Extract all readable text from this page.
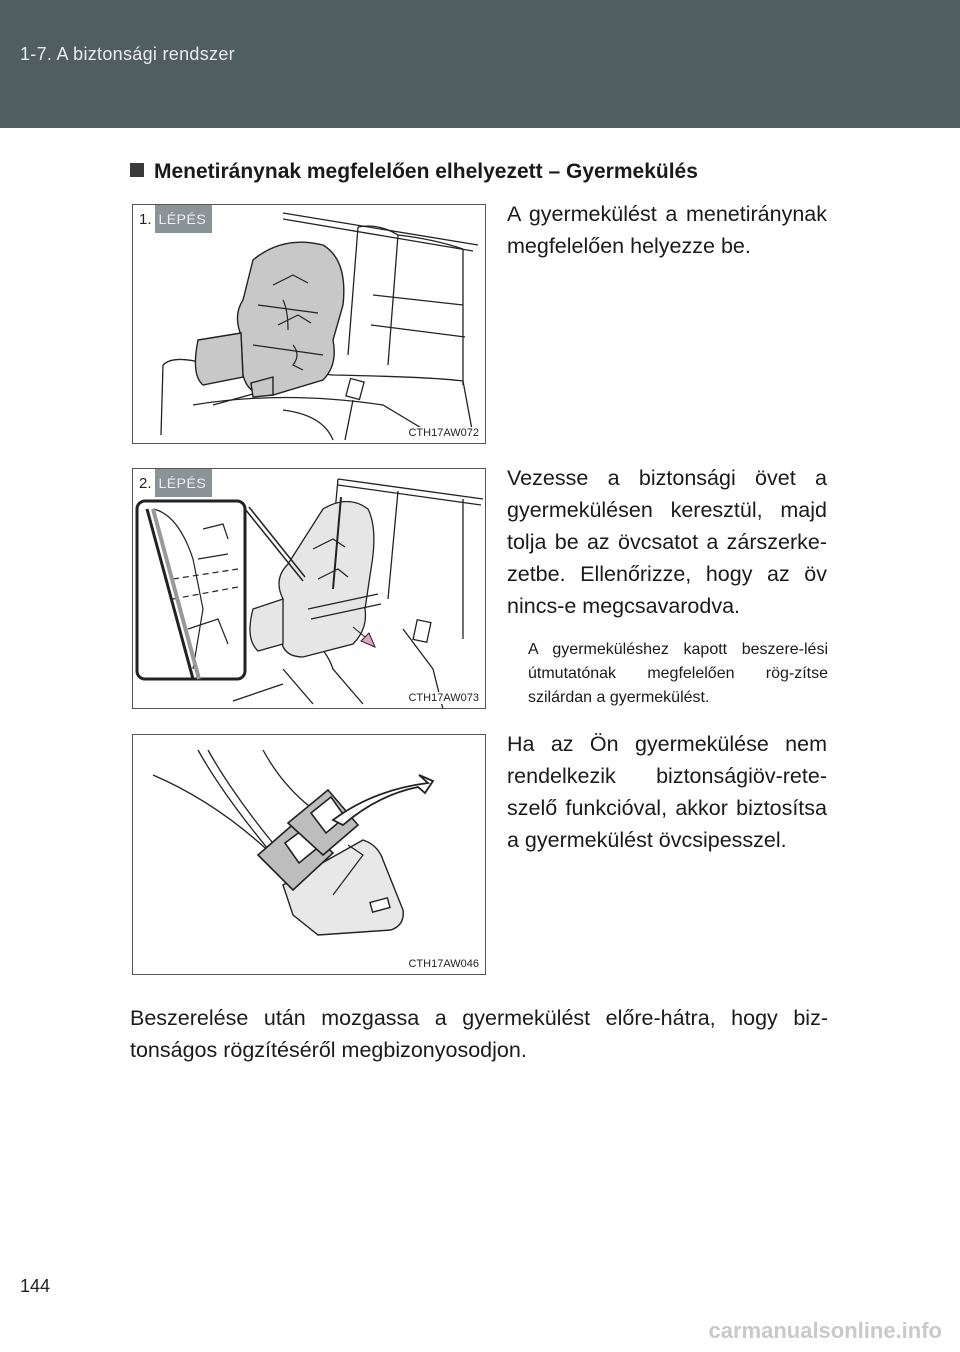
1-7. A biztonsági rendszer
Menetiránynak megfelelően elhelyezett – Gyermekülés
1. LÉPÉS
CTH17AW072
A gyermekülést a menetiránynak megfelelően helyezze be.
2. LÉPÉS
CTH17AW073
Vezesse a biztonsági övet a gyermekülésen keresztül, majd tolja be az övcsatot a zárszerke-zetbe. Ellenőrizze, hogy az öv nincs-e megcsavarodva.
A gyermeküléshez kapott beszere-lési útmutatónak megfelelően rög-zítse szilárdan a gyermekülést.
CTH17AW046
Ha az Ön gyermekülése nem rendelkezik biztonságiöv-rete-szelő funkcióval, akkor biztosítsa a gyermekülést övcsipesszel.
Beszerelése után mozgassa a gyermekülést előre-hátra, hogy biz-tonságos rögzítéséről megbizonyosodjon.
144
carmanualsonline.info
